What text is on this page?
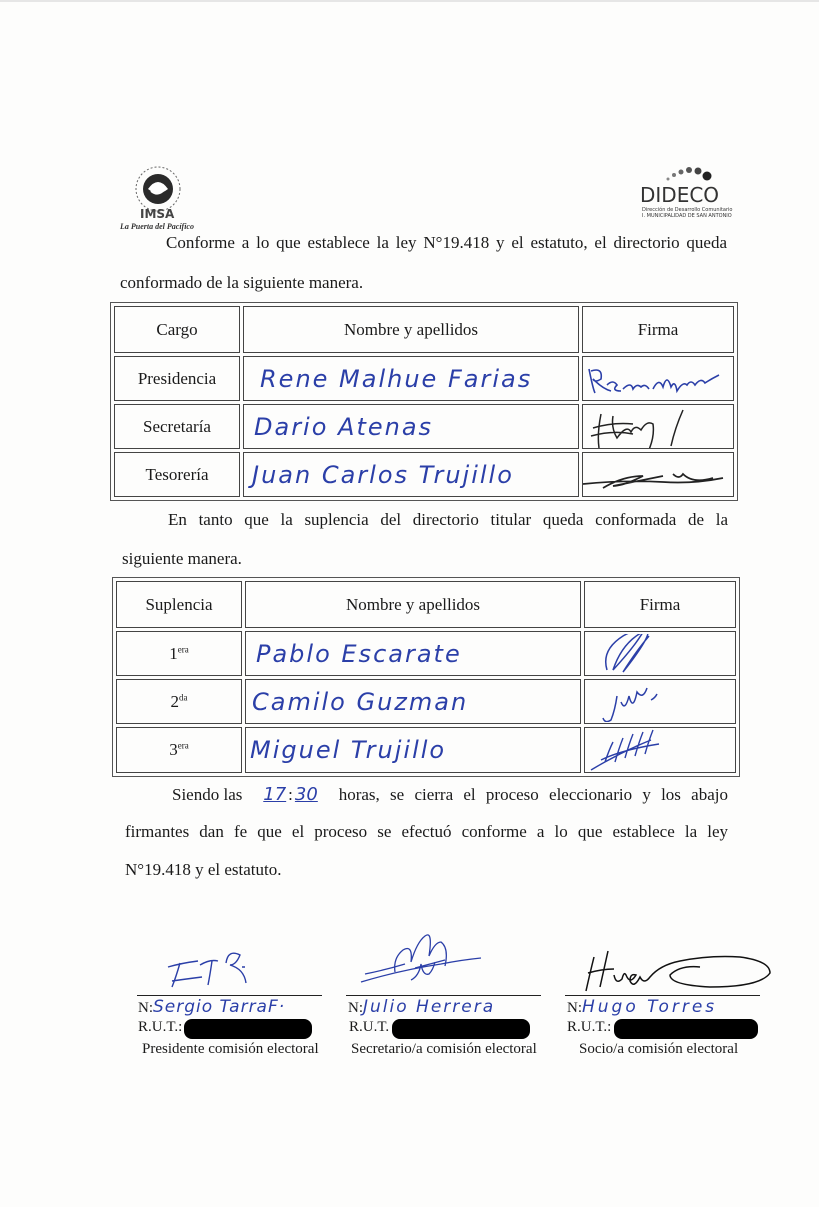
IMSA
La Puerta del Pacífico
DIDECO
Dirección de Desarrollo Comunitario
I. MUNICIPALIDAD DE SAN ANTONIO
Conforme a lo que establece la ley N°19.418 y el estatuto, el directorio queda
conformado de la siguiente manera.
Cargo	Nombre y apellidos	Firma
Presidencia	Rene Malhue Farias	

Secretaría	Dario Atenas	

Tesorería	Juan Carlos Trujillo	
En tanto que la suplencia del directorio titular queda conformada de la
siguiente manera.
Suplencia	Nombre y apellidos	Firma
$1^{era}$	Pablo Escarate	

$2^{da}$	Camilo Guzman	

$3^{era}$	Miguel Trujillo	
Siendo las 17 : 30 horas, se cierra el proceso eleccionario y los abajo
firmantes dan fe que el proceso se efectuó conforme a lo que establece la ley
N°19.418 y el estatuto.
N:Sergio TarraF·
R.U.T.:
Presidente comisión electoral
N:Julio Herrera
R.U.T.
Secretario/a comisión electoral
N:Hugo Torres
R.U.T.:
Socio/a comisión electoral
